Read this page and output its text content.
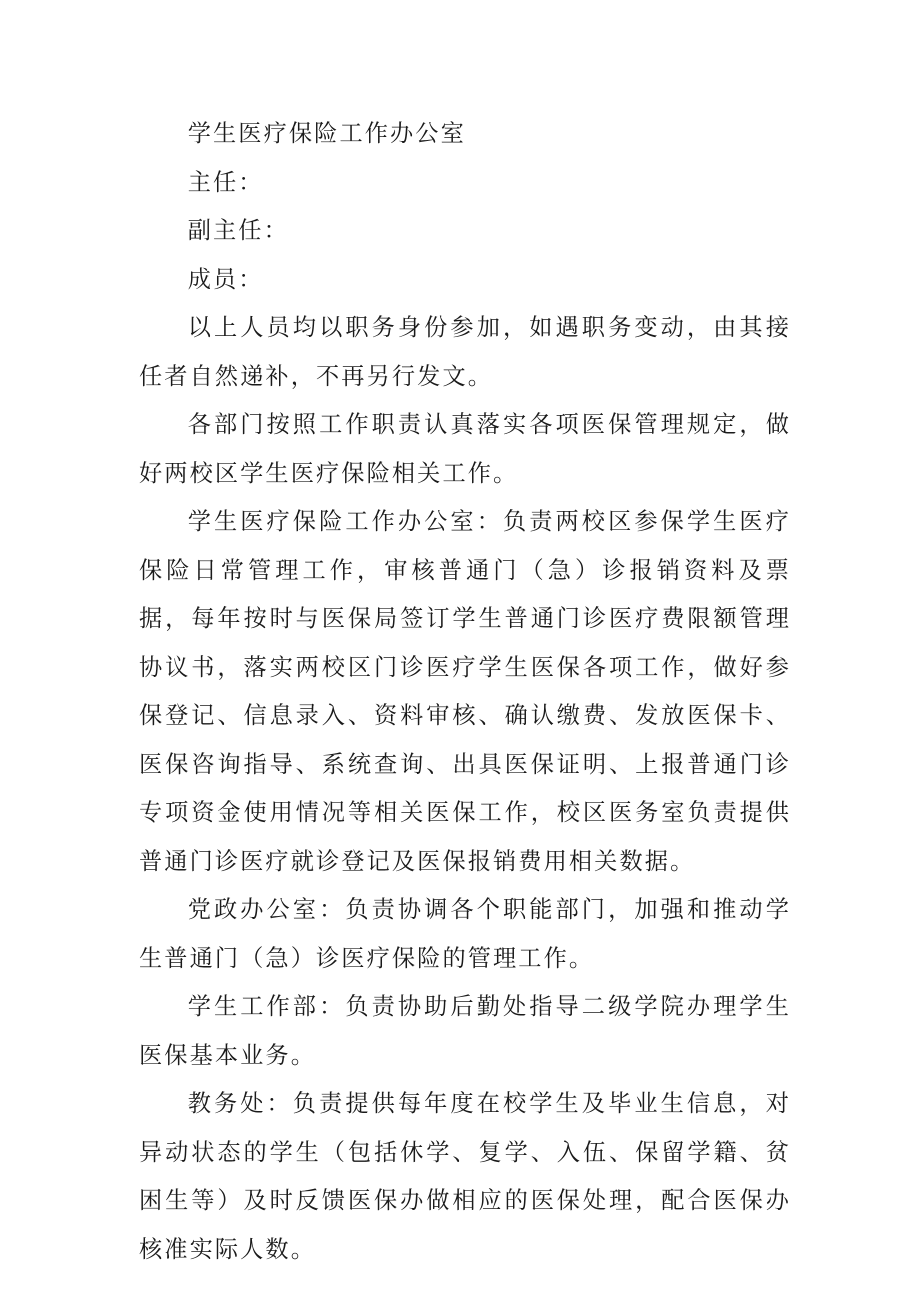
学生医疗保险工作办公室

主任：

副主任：

成员：

以上人员均以职务身份参加，如遇职务变动，由其接任者自然递补，不再另行发文。

各部门按照工作职责认真落实各项医保管理规定，做好两校区学生医疗保险相关工作。

学生医疗保险工作办公室：负责两校区参保学生医疗保险日常管理工作，审核普通门（急）诊报销资料及票据，每年按时与医保局签订学生普通门诊医疗费限额管理协议书，落实两校区门诊医疗学生医保各项工作，做好参保登记、信息录入、资料审核、确认缴费、发放医保卡、医保咨询指导、系统查询、出具医保证明、上报普通门诊专项资金使用情况等相关医保工作，校区医务室负责提供普通门诊医疗就诊登记及医保报销费用相关数据。

党政办公室：负责协调各个职能部门，加强和推动学生普通门（急）诊医疗保险的管理工作。

学生工作部：负责协助后勤处指导二级学院办理学生医保基本业务。

教务处：负责提供每年度在校学生及毕业生信息，对异动状态的学生（包括休学、复学、入伍、保留学籍、贫困生等）及时反馈医保办做相应的医保处理，配合医保办核准实际人数。
